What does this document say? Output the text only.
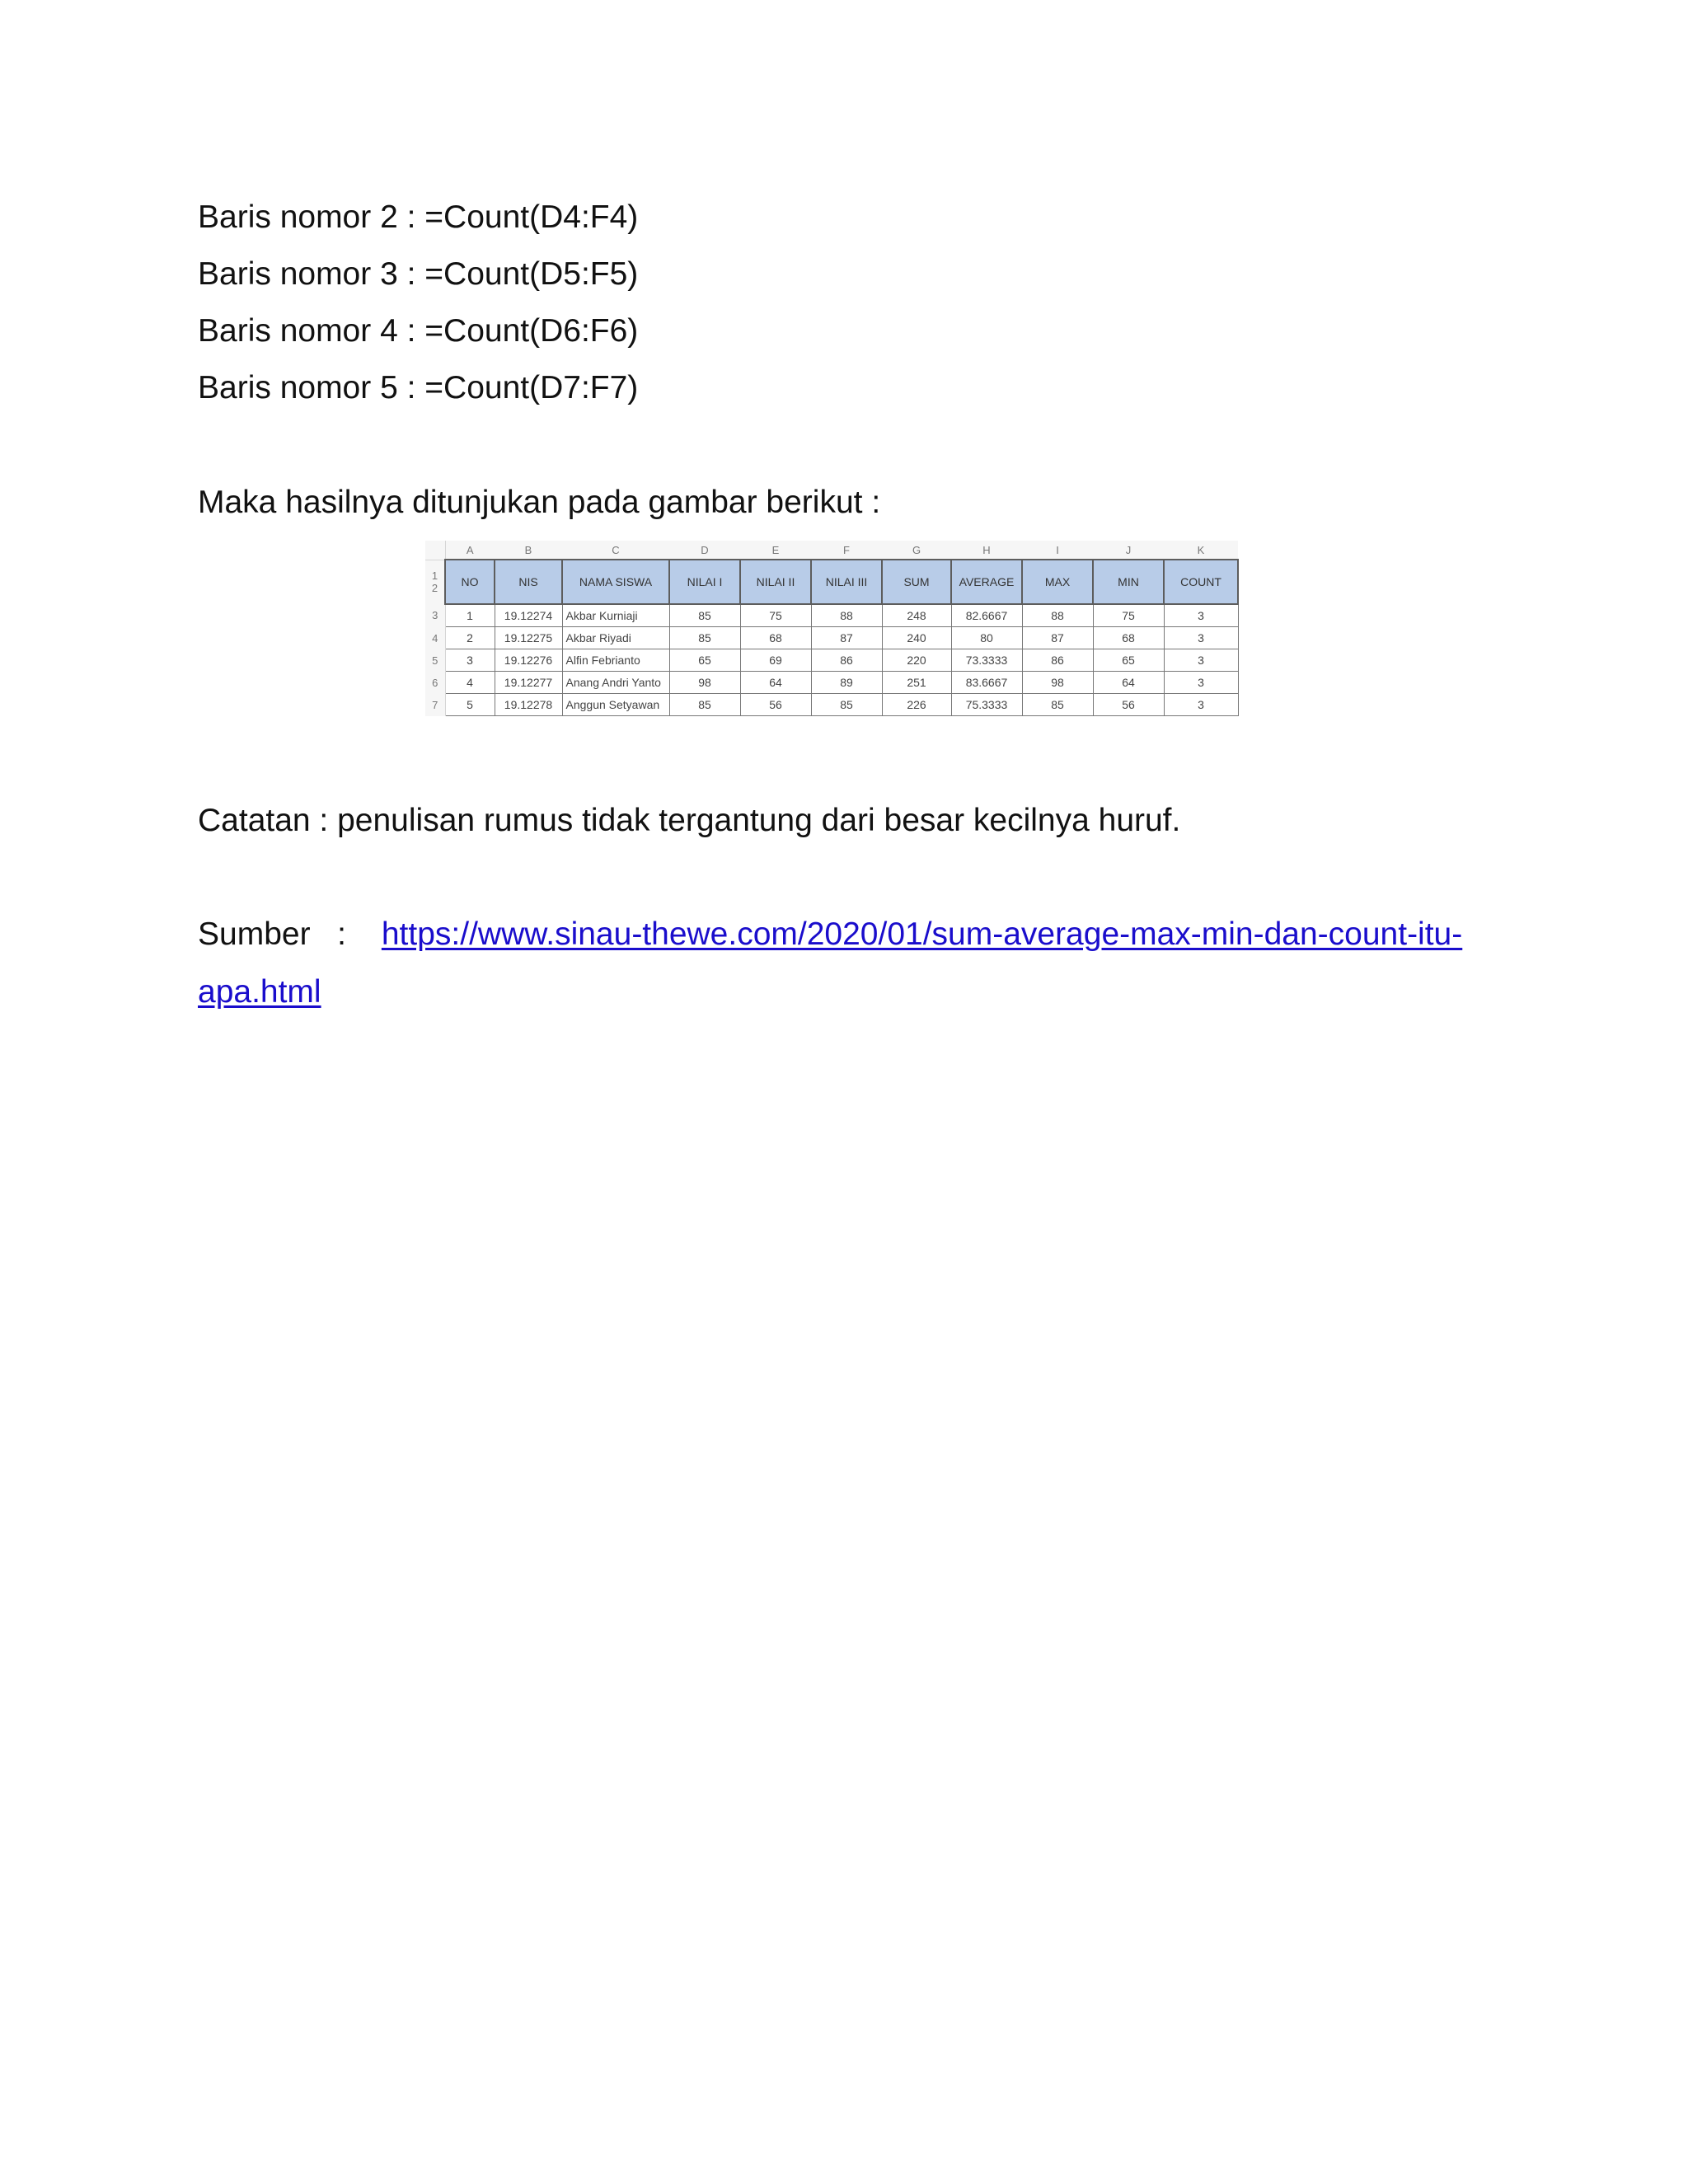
Baris nomor 2 : =Count(D4:F4)

Baris nomor 3 : =Count(D5:F5)

Baris nomor 4 : =Count(D6:F6)

Baris nomor 5 : =Count(D7:F7)

Maka hasilnya ditunjukan pada gambar berikut :

	A	B	C	D	E	F	G	H	I	J	K

1
2	NO	NIS	NAMA SISWA	NILAI I	NILAI II	NILAI III	SUM	AVERAGE	MAX	MIN	COUNT
3	1	19.12274	Akbar Kurniaji	85	75	88	248	82.6667	88	75	3
4	2	19.12275	Akbar Riyadi	85	68	87	240	80	87	68	3
5	3	19.12276	Alfin Febrianto	65	69	86	220	73.3333	86	65	3
6	4	19.12277	Anang Andri Yanto	98	64	89	251	83.6667	98	64	3
7	5	19.12278	Anggun Setyawan	85	56	85	226	75.3333	85	56	3

Catatan : penulisan rumus tidak tergantung dari besar kecilnya huruf.

Sumber : https://www.sinau-thewe.com/2020/01/sum-average-max-min-dan-count-itu-

apa.html
